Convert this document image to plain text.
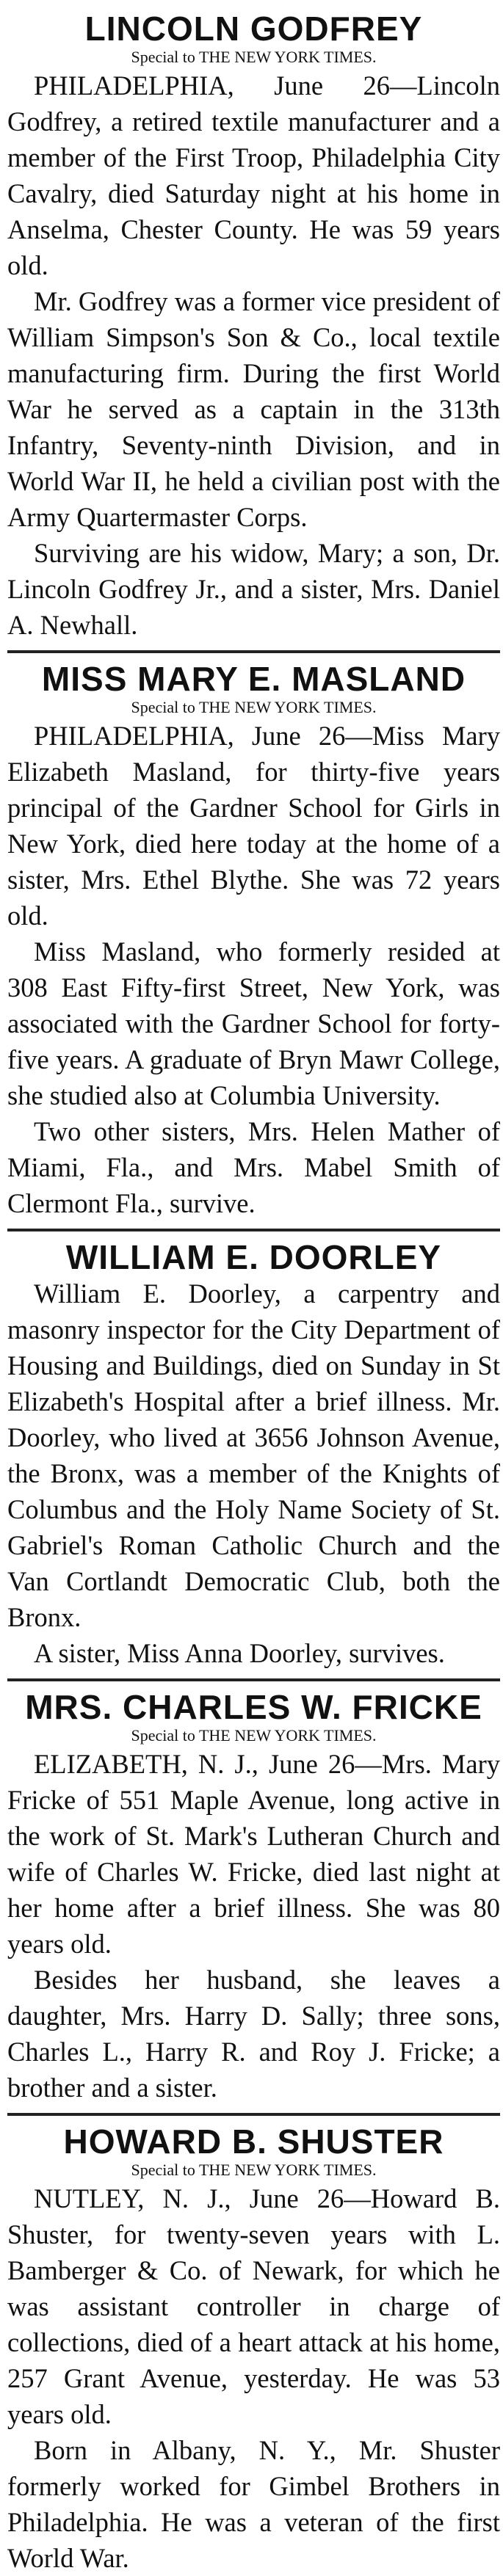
LINCOLN GODFREY

Special to THE NEW YORK TIMES.

PHILADELPHIA, June 26—Lincoln Godfrey, a retired textile manufacturer and a member of the First Troop, Philadelphia City Cavalry, died Saturday night at his home in Anselma, Chester County. He was 59 years old.

Mr. Godfrey was a former vice president of William Simpson's Son & Co., local textile manufacturing firm. During the first World War he served as a captain in the 313th Infantry, Seventy-ninth Division, and in World War II, he held a civilian post with the Army Quartermaster Corps.

Surviving are his widow, Mary; a son, Dr. Lincoln Godfrey Jr., and a sister, Mrs. Daniel A. Newhall.

MISS MARY E. MASLAND

Special to THE NEW YORK TIMES.

PHILADELPHIA, June 26—Miss Mary Elizabeth Masland, for thirty-five years principal of the Gardner School for Girls in New York, died here today at the home of a sister, Mrs. Ethel Blythe. She was 72 years old.

Miss Masland, who formerly resided at 308 East Fifty-first Street, New York, was associated with the Gardner School for forty-five years. A graduate of Bryn Mawr College, she studied also at Columbia University.

Two other sisters, Mrs. Helen Mather of Miami, Fla., and Mrs. Mabel Smith of Clermont Fla., survive.

WILLIAM E. DOORLEY

William E. Doorley, a carpentry and masonry inspector for the City Department of Housing and Buildings, died on Sunday in St Elizabeth's Hospital after a brief illness. Mr. Doorley, who lived at 3656 Johnson Avenue, the Bronx, was a member of the Knights of Columbus and the Holy Name Society of St. Gabriel's Roman Catholic Church and the Van Cortlandt Democratic Club, both the Bronx.

A sister, Miss Anna Doorley, survives.

MRS. CHARLES W. FRICKE

Special to THE NEW YORK TIMES.

ELIZABETH, N. J., June 26—Mrs. Mary Fricke of 551 Maple Avenue, long active in the work of St. Mark's Lutheran Church and wife of Charles W. Fricke, died last night at her home after a brief illness. She was 80 years old.

Besides her husband, she leaves a daughter, Mrs. Harry D. Sally; three sons, Charles L., Harry R. and Roy J. Fricke; a brother and a sister.

HOWARD B. SHUSTER

Special to THE NEW YORK TIMES.

NUTLEY, N. J., June 26—Howard B. Shuster, for twenty-seven years with L. Bamberger & Co. of Newark, for which he was assistant controller in charge of collections, died of a heart attack at his home, 257 Grant Avenue, yesterday. He was 53 years old.

Born in Albany, N. Y., Mr. Shuster formerly worked for Gimbel Brothers in Philadelphia. He was a veteran of the first World War.
